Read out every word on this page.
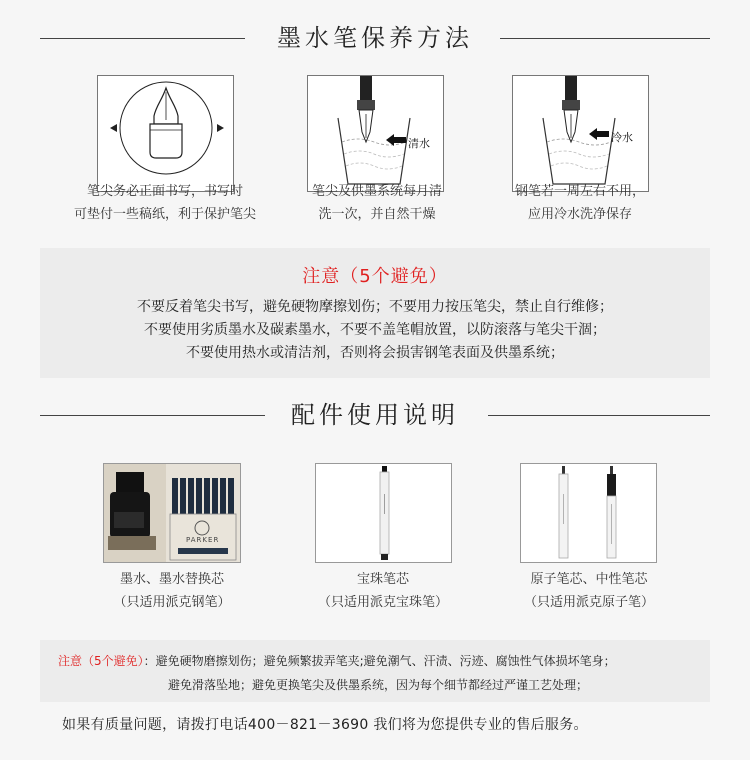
墨水笔保养方法
笔尖务必正面书写，书写时
可垫付一些稿纸，利于保护笔尖
清水
笔尖及供墨系统每月清
洗一次，并自然干燥
冷水
钢笔若一周左右不用，
应用冷水洗净保存
注意（5个避免）
不要反着笔尖书写，避免硬物摩擦划伤；不要用力按压笔尖，禁止自行维修；
不要使用劣质墨水及碳素墨水，不要不盖笔帽放置，以防滚落与笔尖干涸；
不要使用热水或清洁剂，否则将会损害钢笔表面及供墨系统；
配件使用说明
PARKER
墨水、墨水替换芯
（只适用派克钢笔）
宝珠笔芯
（只适用派克宝珠笔）
原子笔芯、中性笔芯
（只适用派克原子笔）
注意（5个避免）：避免硬物磨擦划伤；避免频繁拔弄笔夹;避免潮气、汗渍、污迹、腐蚀性气体损坏笔身；
避免滑落坠地；避免更换笔尖及供墨系统，因为每个细节都经过严谨工艺处理；
如果有质量问题，请拨打电话400－821－3690 我们将为您提供专业的售后服务。
